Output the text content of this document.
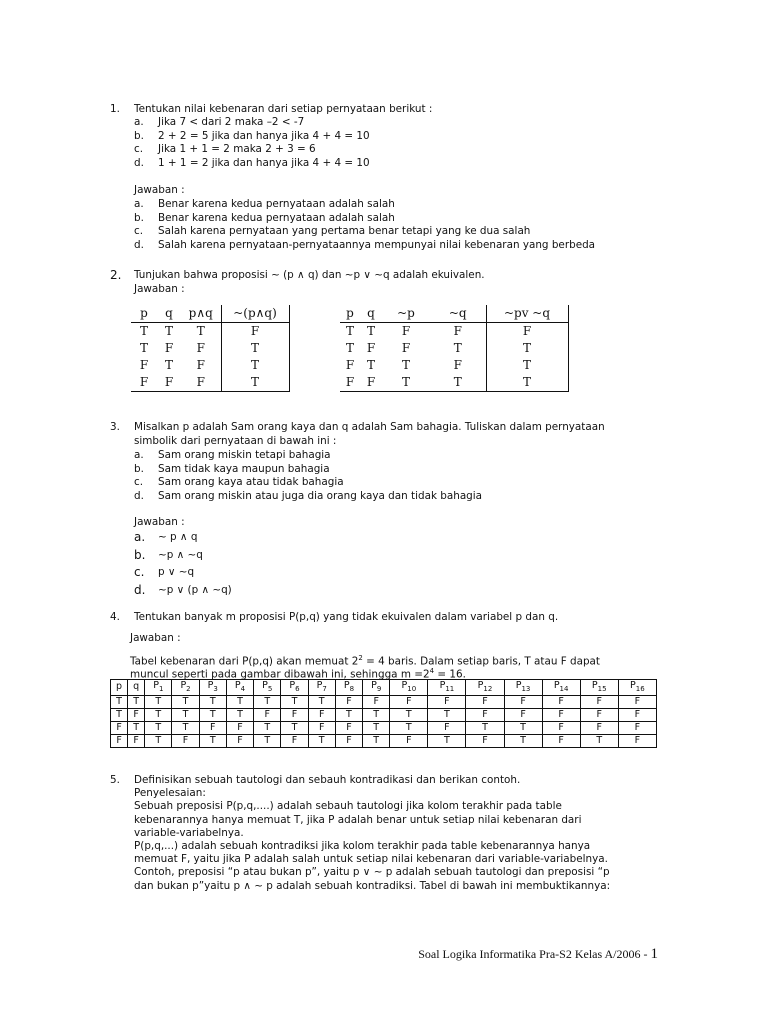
1. Tentukan nilai kebenaran dari setiap pernyataan berikut :
a. Jika 7 < dari 2 maka –2 < -7
b. 2 + 2 = 5 jika dan hanya jika 4 + 4 = 10
c. Jika 1 + 1 = 2 maka 2 + 3 = 6
d. 1 + 1 = 2 jika dan hanya jika 4 + 4 = 10
Jawaban :
a. Benar karena kedua pernyataan adalah salah
b. Benar karena kedua pernyataan adalah salah
c. Salah karena pernyataan yang pertama benar tetapi yang ke dua salah
d. Salah karena pernyataan-pernyataannya mempunyai nilai kebenaran yang berbeda
2. Tunjukan bahwa proposisi ~ (p ∧ q) dan ~p ∨ ~q adalah ekuivalen.
Jawaban :
p	q	p∧q	~(p∧q)
T	T	T	F
T	F	F	T
F	T	F	T
F	F	F	T
p	q	~p	~q	~pv ~q
T	T	F	F	F
T	F	F	T	T
F	T	T	F	T
F	F	T	T	T
3. Misalkan p adalah Sam orang kaya dan q adalah Sam bahagia. Tuliskan dalam pernyataan
simbolik dari pernyataan di bawah ini :
a. Sam orang miskin tetapi bahagia
b. Sam tidak kaya maupun bahagia
c. Sam orang kaya atau tidak bahagia
d. Sam orang miskin atau juga dia orang kaya dan tidak bahagia
Jawaban :
a. ~ p ∧ q
b. ~p ∧ ~q
c. p ∨ ~q
d. ~p ∨ (p ∧ ~q)
4. Tentukan banyak m proposisi P(p,q) yang tidak ekuivalen dalam variabel p dan q.
Jawaban :
Tabel kebenaran dari P(p,q) akan memuat $2^2 = 4$ baris. Dalam setiap baris, T atau F dapat
muncul seperti pada gambar dibawah ini, sehingga $m =2^4 = 16$.
p	q	$P_1$	$P_2$	$P_3$	$P_4$	$P_5$	$P_6$	$P_7$	$P_8$	$P_9$	$P_{10}$	$P_{11}$	$P_{12}$	$P_{13}$	$P_{14}$	$P_{15}$	$P_{16}$
T	T	T	T	T	T	T	T	T	F	F	F	F	F	F	F	F	F
T	F	T	T	T	T	F	F	F	T	T	T	T	F	F	F	F	F
F	T	T	T	F	F	T	T	F	F	T	T	F	T	T	F	F	F
F	F	T	F	T	F	T	F	T	F	T	F	T	F	T	F	T	F
5. Definisikan sebuah tautologi dan sebauh kontradikasi dan berikan contoh.
Penyelesaian:
Sebuah preposisi P(p,q,....) adalah sebauh tautologi jika kolom terakhir pada table
kebenarannya hanya memuat T, jika P adalah benar untuk setiap nilai kebenaran dari
variable-variabelnya.
P(p,q,...) adalah sebuah kontradiksi jika kolom terakhir pada table kebenarannya hanya
memuat F, yaitu jika P adalah salah untuk setiap nilai kebenaran dari variable-variabelnya.
Contoh, preposisi “p atau bukan p”, yaitu p ∨ ~ p adalah sebuah tautologi dan preposisi “p
dan bukan p”yaitu p ∧ ~ p adalah sebuah kontradiksi. Tabel di bawah ini membuktikannya:
Soal Logika Informatika Pra-S2 Kelas A/2006 - 1
